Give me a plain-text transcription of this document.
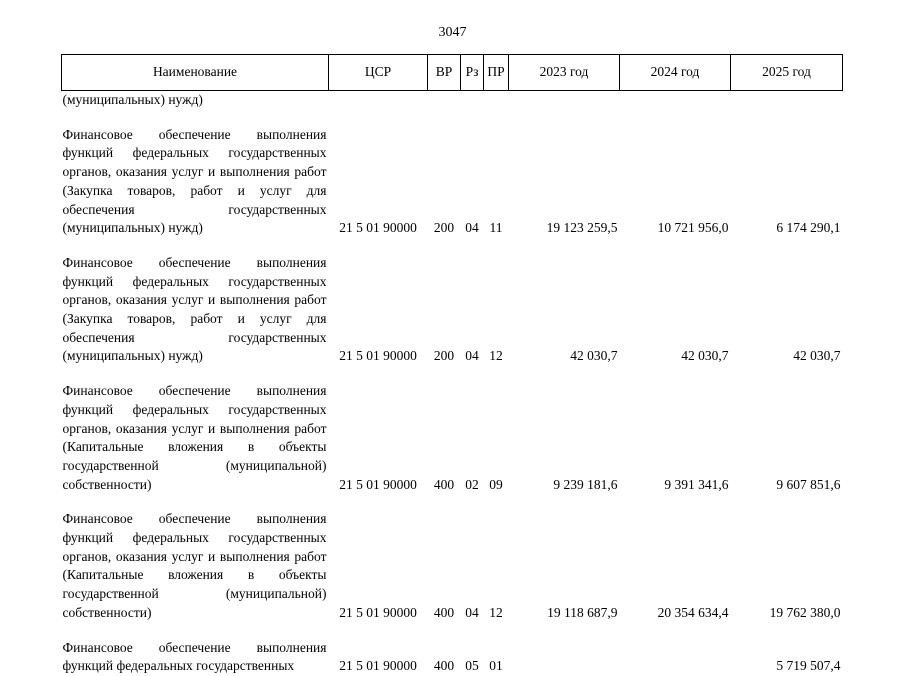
3047
Наименование	ЦСР	ВР	Рз	ПР	2023 год	2024 год	2025 год
(муниципальных) нужд)							

Финансовое обеспечение выполнения функций федеральных государственных органов, оказания услуг и выполнения работ (Закупка товаров, работ и услуг для обеспечения государственных (муниципальных) нужд)	21 5 01 90000	200	04	11	19 123 259,5	10 721 956,0	6 174 290,1

Финансовое обеспечение выполнения функций федеральных государственных органов, оказания услуг и выполнения работ (Закупка товаров, работ и услуг для обеспечения государственных (муниципальных) нужд)	21 5 01 90000	200	04	12	42 030,7	42 030,7	42 030,7

Финансовое обеспечение выполнения функций федеральных государственных органов, оказания услуг и выполнения работ (Капитальные вложения в объекты государственной (муниципальной) собственности)	21 5 01 90000	400	02	09	9 239 181,6	9 391 341,6	9 607 851,6

Финансовое обеспечение выполнения функций федеральных государственных органов, оказания услуг и выполнения работ (Капитальные вложения в объекты государственной (муниципальной) собственности)	21 5 01 90000	400	04	12	19 118 687,9	20 354 634,4	19 762 380,0

Финансовое обеспечение выполнения функций федеральных государственных	21 5 01 90000	400	05	01			5 719 507,4
